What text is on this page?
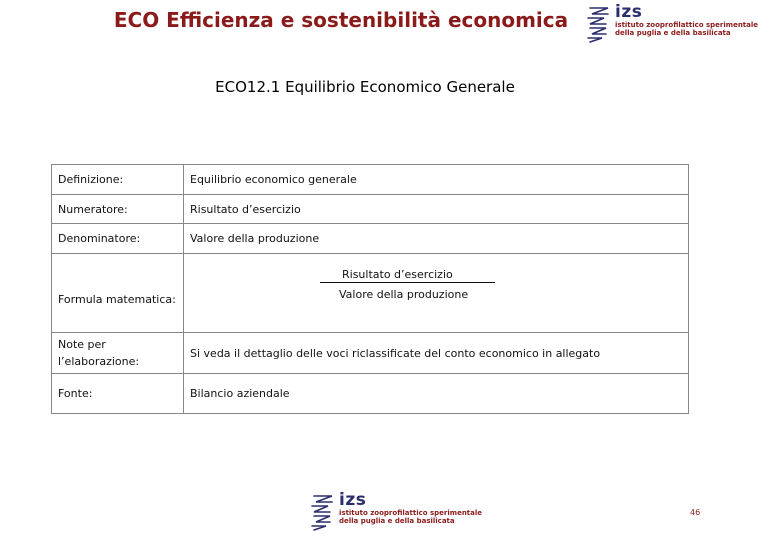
ECO Efficienza e sostenibilità economica	izs
istituto zooprofilattico sperimentale
della puglia e della basilicata
ECO12.1 Equilibrio Economico Generale
Definizione:	Equilibrio economico generale
Numeratore:	Risultato d’esercizio
Denominatore:	Valore della produzione
Formula matematica:	Risultato d’esercizio
Valore della produzione

Note per
l’elaborazione:	Si veda il dettaglio delle voci riclassificate del conto economico in allegato
Fonte:	Bilancio aziendale
46
izs
istituto zooprofilattico sperimentale
della puglia e della basilicata
